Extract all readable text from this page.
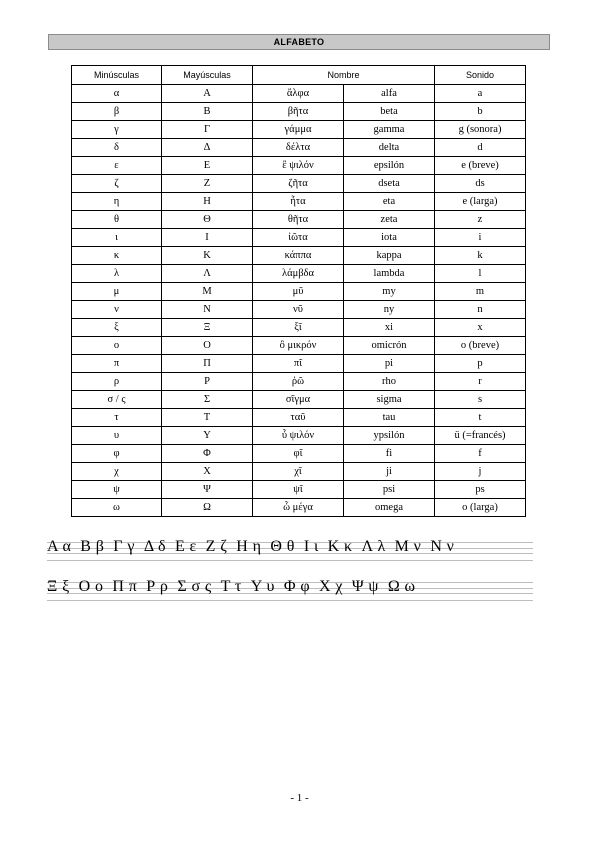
ALFABETO
Minúsculas	Mayúsculas	Nombre		Sonido
α	Α	ἄλφα	alfa	a
β	Β	βῆτα	beta	b
γ	Γ	γάμμα	gamma	g (sonora)
δ	Δ	δέλτα	delta	d
ε	Ε	ἒ ψιλόν	epsilón	e (breve)
ζ	Ζ	ζῆτα	dseta	ds
η	Η	ἦτα	eta	e (larga)
θ	Θ	θῆτα	zeta	z
ι	Ι	ἰῶτα	iota	i
κ	Κ	κάππα	kappa	k
λ	Λ	λάμβδα	lambda	l
μ	Μ	μῦ	my	m
ν	Ν	νῦ	ny	n
ξ	Ξ	ξῖ	xi	x
ο	Ο	ὂ μικρόν	omicrón	o (breve)
π	Π	πῖ	pi	p
ρ	Ρ	ῥῶ	rho	r
σ / ς	Σ	σῖγμα	sigma	s
τ	Τ	ταῦ	tau	t
υ	Υ	ὖ ψιλόν	ypsilón	ü (=francés)
φ	Φ	φῖ	fi	f
χ	Χ	χῖ	ji	j
ψ	Ψ	ψῖ	psi	ps
ω	Ω	ὦ μέγα	omega	o (larga)
Α α Β β Γ γ Δ δ Ε ε Ζ ζ Η η Θ θ Ι ι Κ κ Λ λ Μ ν Ν ν
Ξ ξ Ο ο Π π Ρ ρ Σ σ ς Τ τ Υ υ Φ φ Χ χ Ψ ψ Ω ω
- 1 -
